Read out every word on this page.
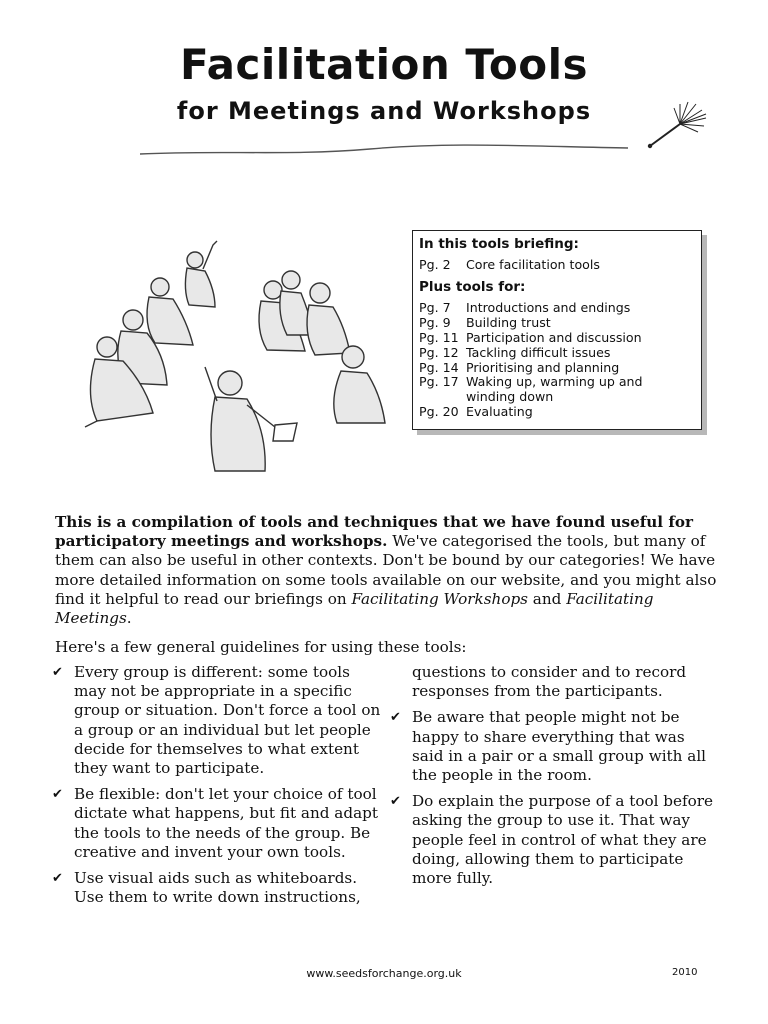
Facilitation Tools
for Meetings and Workshops
In this tools briefing:
Pg. 2	Core facilitation tools
Plus tools for:
Pg. 7	Introductions and endings
Pg. 9	Building trust
Pg. 11 Participation and discussion
Pg. 12 Tackling difficult issues
Pg. 14 Prioritising and planning
Pg. 17 Waking up, warming up and
winding down
Pg. 20 Evaluating

This is a compilation of tools and techniques that we have found useful for participatory meetings and workshops. We've categorised the tools, but many of them can also be useful in other contexts. Don't be bound by our categories! We have more detailed information on some tools available on our website, and you might also find it helpful to read our briefings on Facilitating Workshops and Facilitating Meetings.

Here's a few general guidelines for using these tools:

✔ Every group is different: some tools may not be appropriate in a specific group or situation. Don't force a tool on a group or an individual but let people decide for themselves to what extent they want to participate.

✔ Be flexible: don't let your choice of tool dictate what happens, but fit and adapt the tools to the needs of the group. Be creative and invent your own tools.

✔ Use visual aids such as whiteboards. Use them to write down instructions,

questions to consider and to record responses from the participants.

✔ Be aware that people might not be happy to share everything that was said in a pair or a small group with all the people in the room.

✔ Do explain the purpose of a tool before asking the group to use it. That way people feel in control of what they are doing, allowing them to participate more fully.

www.seedsforchange.org.uk	2010
